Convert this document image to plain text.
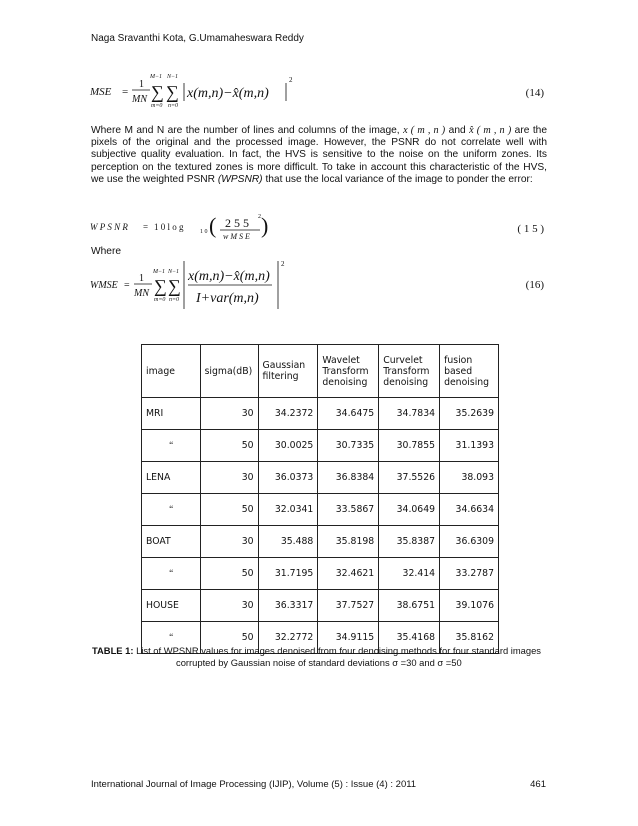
Naga Sravanthi Kota, G.Umamaheswara Reddy
MSE =
1
MN
M−1
∑
m=0
N−1
∑
n=0
x(m,n)−x̂(m,n)
2
(14)
Where M and N are the number of lines and columns of the image, x ( m , n ) and x̂ ( m , n ) are the pixels of the original and the processed image. However, the PSNR do not correlate well with subjective quality evaluation. In fact, the HVS is sensitive to the noise on the uniform zones. Its perception on the textured zones is more difficult. To take in account this characteristic of the HVS, we use the weighted PSNR (WPSNR) that use the local variance of the image to ponder the error:
W P S N R = 1 0 l o g	1 0 ( 2 5 5 2
w M S E )	( 1 5 )
Where
WMSE =
1
MN
M−1
∑
m=0
N−1
∑
n=0
x(m,n)−x̂(m,n)
I+var(m,n)
2
(16)
image	sigma(dB)	Gaussian filtering	Wavelet Transform denoising	Curvelet Transform denoising	fusion based denoising
MRI	30	34.2372	34.6475	34.7834	35.2639
“	50	30.0025	30.7335	30.7855	31.1393
LENA	30	36.0373	36.8384	37.5526	38.093
“	50	32.0341	33.5867	34.0649	34.6634
BOAT	30	35.488	35.8198	35.8387	36.6309
“	50	31.7195	32.4621	32.414	33.2787
HOUSE	30	36.3317	37.7527	38.6751	39.1076
“	50	32.2772	34.9115	35.4168	35.8162
TABLE 1: List of WPSNR values for images denoised from four denoising methods for four standard images
corrupted by Gaussian noise of standard deviations σ =30 and σ =50
International Journal of Image Processing (IJIP), Volume (5) : Issue (4) : 2011	461
